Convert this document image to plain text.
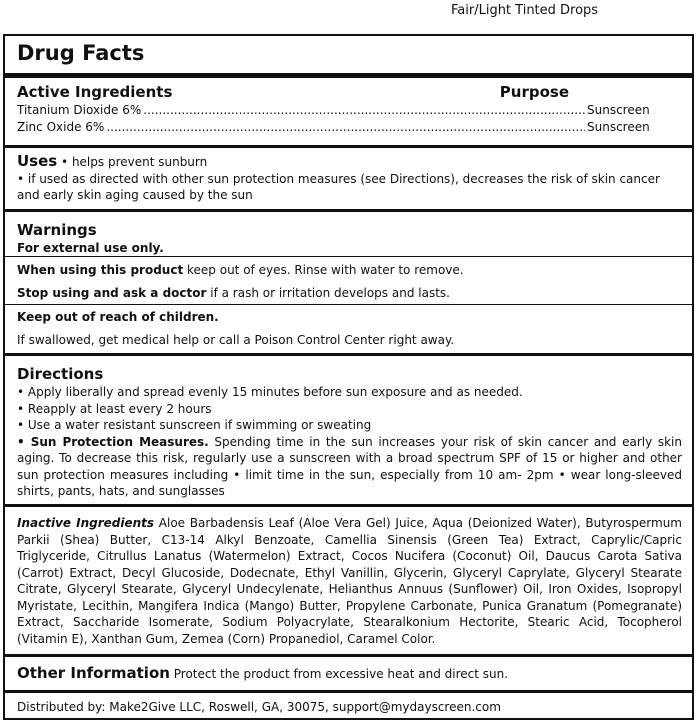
Fair/Light Tinted Drops
Drug Facts
Active Ingredients	Purpose
Titanium Dioxide 6% .....	Sunscreen
Zinc Oxide 6% .....	Sunscreen
Uses • helps prevent sunburn
• if used as directed with other sun protection measures (see Directions), decreases the risk of skin cancer and early skin aging caused by the sun
Warnings
For external use only.
When using this product keep out of eyes. Rinse with water to remove.
Stop using and ask a doctor if a rash or irritation develops and lasts.
Keep out of reach of children.
If swallowed, get medical help or call a Poison Control Center right away.
Directions
• Apply liberally and spread evenly 15 minutes before sun exposure and as needed.
• Reapply at least every 2 hours
• Use a water resistant sunscreen if swimming or sweating
• Sun Protection Measures. Spending time in the sun increases your risk of skin cancer and early skin aging. To decrease this risk, regularly use a sunscreen with a broad spectrum SPF of 15 or higher and other sun protection measures including • limit time in the sun, especially from 10 am- 2pm • wear long-sleeved shirts, pants, hats, and sunglasses
Inactive Ingredients Aloe Barbadensis Leaf (Aloe Vera Gel) Juice, Aqua (Deionized Water), Butyrospermum Parkii (Shea) Butter, C13-14 Alkyl Benzoate, Camellia Sinensis (Green Tea) Extract, Caprylic/Capric Triglyceride, Citrullus Lanatus (Watermelon) Extract, Cocos Nucifera (Coconut) Oil, Daucus Carota Sativa (Carrot) Extract, Decyl Glucoside, Dodecnate, Ethyl Vanillin, Glycerin, Glyceryl Caprylate, Glyceryl Stearate Citrate, Glyceryl Stearate, Glyceryl Undecylenate, Helianthus Annuus (Sunflower) Oil, Iron Oxides, Isopropyl Myristate, Lecithin, Mangifera Indica (Mango) Butter, Propylene Carbonate, Punica Granatum (Pomegranate) Extract, Saccharide Isomerate, Sodium Polyacrylate, Stearalkonium Hectorite, Stearic Acid, Tocopherol (Vitamin E), Xanthan Gum, Zemea (Corn) Propanediol, Caramel Color.
Other Information Protect the product from excessive heat and direct sun.
Distributed by: Make2Give LLC, Roswell, GA, 30075, support@mydayscreen.com
